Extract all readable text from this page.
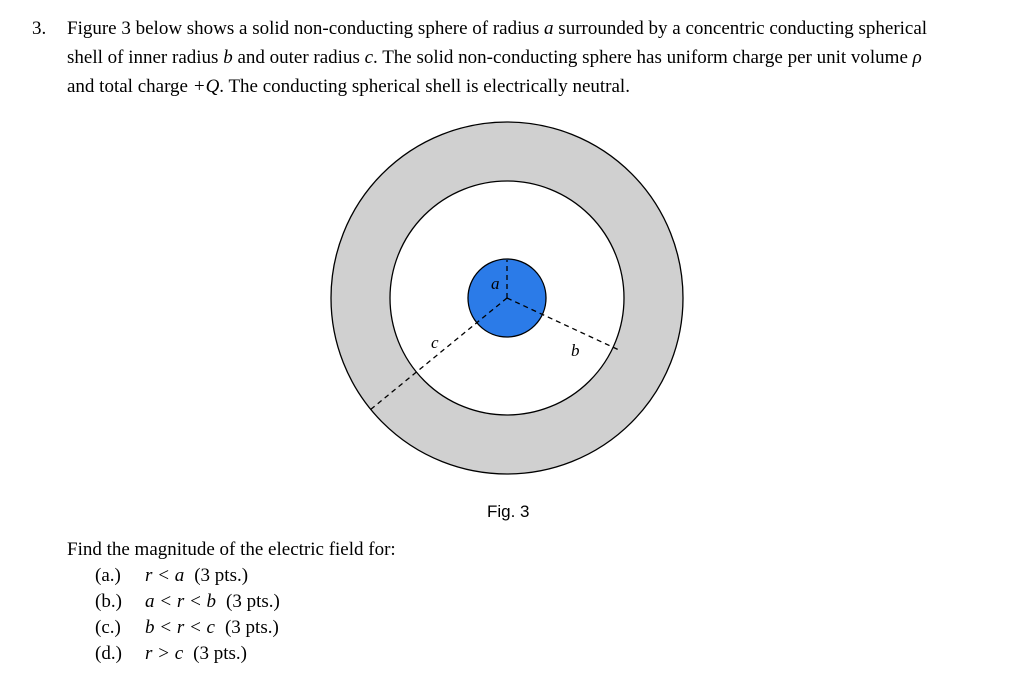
3. Figure 3 below shows a solid non-conducting sphere of radius a surrounded by a concentric conducting spherical
shell of inner radius b and outer radius c. The solid non-conducting sphere has uniform charge per unit volume ρ
and total charge +Q. The conducting spherical shell is electrically neutral.

a
b
c
Fig. 3
Find the magnitude of the electric field for:
(a.)	r < a (3 pts.)
(b.)	a < r < b (3 pts.)
(c.)	b < r < c (3 pts.)
(d.)	r > c (3 pts.)
